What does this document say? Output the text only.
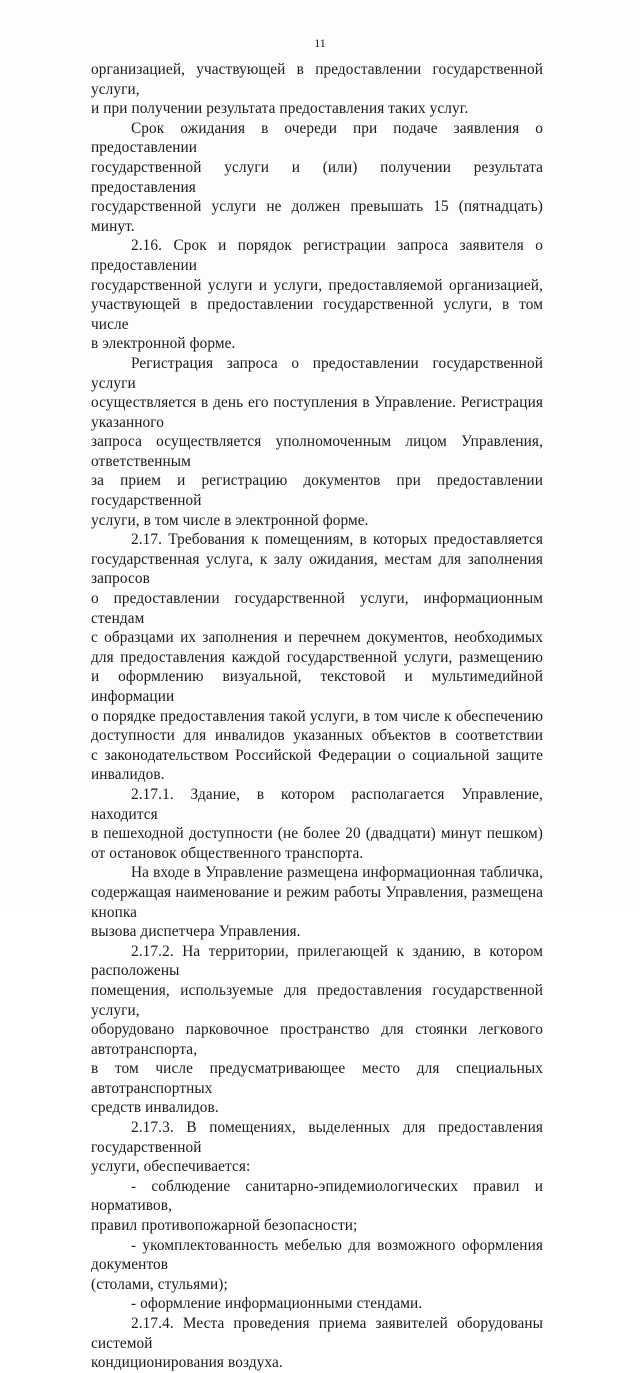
11
организацией, участвующей в предоставлении государственной услуги,
и при получении результата предоставления таких услуг.
Срок ожидания в очереди при подаче заявления о предоставлении
государственной услуги и (или) получении результата предоставления
государственной услуги не должен превышать 15 (пятнадцать) минут.
2.16. Срок и порядок регистрации запроса заявителя о предоставлении
государственной услуги и услуги, предоставляемой организацией,
участвующей в предоставлении государственной услуги, в том числе
в электронной форме.
Регистрация запроса о предоставлении государственной услуги
осуществляется в день его поступления в Управление. Регистрация указанного
запроса осуществляется уполномоченным лицом Управления, ответственным
за прием и регистрацию документов при предоставлении государственной
услуги, в том числе в электронной форме.
2.17. Требования к помещениям, в которых предоставляется
государственная услуга, к залу ожидания, местам для заполнения запросов
о предоставлении государственной услуги, информационным стендам
с образцами их заполнения и перечнем документов, необходимых
для предоставления каждой государственной услуги, размещению
и оформлению визуальной, текстовой и мультимедийной информации
о порядке предоставления такой услуги, в том числе к обеспечению
доступности для инвалидов указанных объектов в соответствии
с законодательством Российской Федерации о социальной защите инвалидов.
2.17.1. Здание, в котором располагается Управление, находится
в пешеходной доступности (не более 20 (двадцати) минут пешком)
от остановок общественного транспорта.
На входе в Управление размещена информационная табличка,
содержащая наименование и режим работы Управления, размещена кнопка
вызова диспетчера Управления.
2.17.2. На территории, прилегающей к зданию, в котором расположены
помещения, используемые для предоставления государственной услуги,
оборудовано парковочное пространство для стоянки легкового автотранспорта,
в том числе предусматривающее место для специальных автотранспортных
средств инвалидов.
2.17.3. В помещениях, выделенных для предоставления государственной
услуги, обеспечивается:
- соблюдение санитарно-эпидемиологических правил и нормативов,
правил противопожарной безопасности;
- укомплектованность мебелью для возможного оформления документов
(столами, стульями);
- оформление информационными стендами.
2.17.4. Места проведения приема заявителей оборудованы системой
кондиционирования воздуха.
